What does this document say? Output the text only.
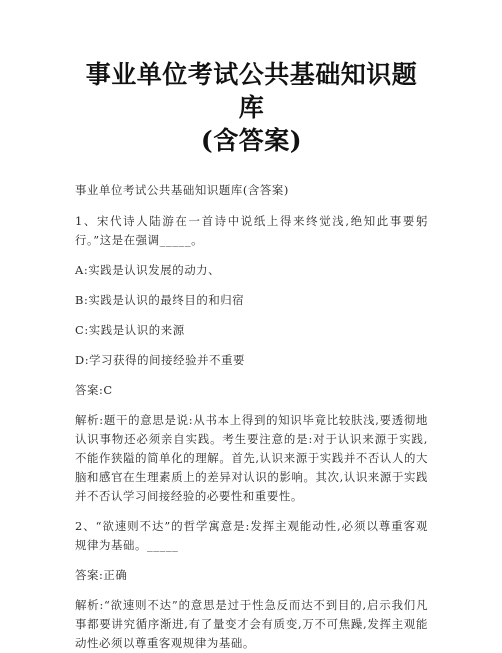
事业单位考试公共基础知识题库
(含答案)

事业单位考试公共基础知识题库(含答案)

1、宋代诗人陆游在一首诗中说纸上得来终觉浅,绝知此事要躬行。”这是在强调_____。

A:实践是认识发展的动力、

B:实践是认识的最终目的和归宿

C:实践是认识的来源

D:学习获得的间接经验并不重要

答案:C

解析:题干的意思是说:从书本上得到的知识毕竟比较肤浅,要透彻地认识事物还必须亲自实践。考生要注意的是:对于认识来源于实践,不能作狭隘的简单化的理解。首先,认识来源于实践并不否认人的大脑和感官在生理素质上的差异对认识的影响。其次,认识来源于实践并不否认学习间接经验的必要性和重要性。

2、“欲速则不达”的哲学寓意是:发挥主观能动性,必须以尊重客观规律为基础。_____

答案:正确

解析:“欲速则不达”的意思是过于性急反而达不到目的,启示我们凡事都要讲究循序渐进,有了量变才会有质变,万不可焦躁,发挥主观能动性必须以尊重客观规律为基础。
